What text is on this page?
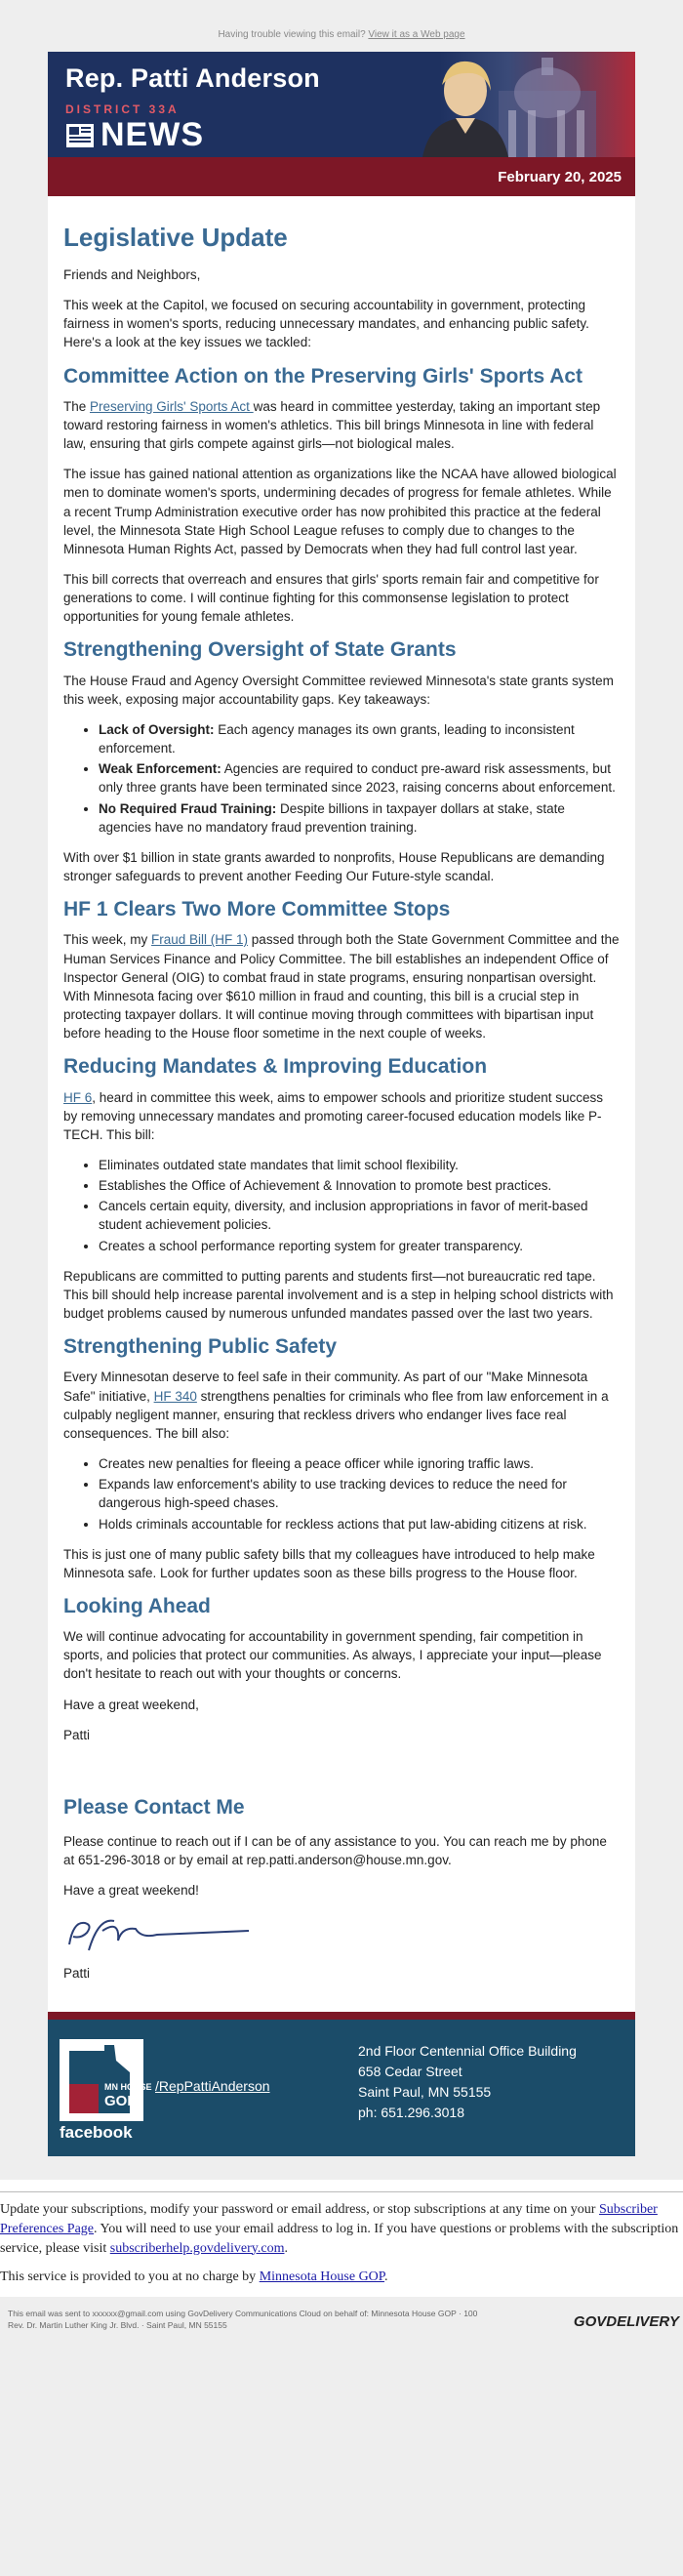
Having trouble viewing this email? View it as a Web page
Rep. Patti Anderson
DISTRICT 33A
NEWS
February 20, 2025
Legislative Update

Friends and Neighbors,

This week at the Capitol, we focused on securing accountability in government, protecting fairness in women's sports, reducing unnecessary mandates, and enhancing public safety. Here's a look at the key issues we tackled:

Committee Action on the Preserving Girls' Sports Act

The Preserving Girls' Sports Act was heard in committee yesterday, taking an important step toward restoring fairness in women's athletics. This bill brings Minnesota in line with federal law, ensuring that girls compete against girls—not biological males.

The issue has gained national attention as organizations like the NCAA have allowed biological men to dominate women's sports, undermining decades of progress for female athletes. While a recent Trump Administration executive order has now prohibited this practice at the federal level, the Minnesota State High School League refuses to comply due to changes to the Minnesota Human Rights Act, passed by Democrats when they had full control last year.

This bill corrects that overreach and ensures that girls' sports remain fair and competitive for generations to come. I will continue fighting for this commonsense legislation to protect opportunities for young female athletes.

Strengthening Oversight of State Grants

The House Fraud and Agency Oversight Committee reviewed Minnesota's state grants system this week, exposing major accountability gaps. Key takeaways:

• Lack of Oversight: Each agency manages its own grants, leading to inconsistent enforcement.
• Weak Enforcement: Agencies are required to conduct pre-award risk assessments, but only three grants have been terminated since 2023, raising concerns about enforcement.
• No Required Fraud Training: Despite billions in taxpayer dollars at stake, state agencies have no mandatory fraud prevention training.

With over $1 billion in state grants awarded to nonprofits, House Republicans are demanding stronger safeguards to prevent another Feeding Our Future-style scandal.

HF 1 Clears Two More Committee Stops

This week, my Fraud Bill (HF 1) passed through both the State Government Committee and the Human Services Finance and Policy Committee. The bill establishes an independent Office of Inspector General (OIG) to combat fraud in state programs, ensuring nonpartisan oversight. With Minnesota facing over $610 million in fraud and counting, this bill is a crucial step in protecting taxpayer dollars. It will continue moving through committees with bipartisan input before heading to the House floor sometime in the next couple of weeks.

Reducing Mandates & Improving Education

HF 6, heard in committee this week, aims to empower schools and prioritize student success by removing unnecessary mandates and promoting career-focused education models like P-TECH. This bill:

• Eliminates outdated state mandates that limit school flexibility.
• Establishes the Office of Achievement & Innovation to promote best practices.
• Cancels certain equity, diversity, and inclusion appropriations in favor of merit-based student achievement policies.
• Creates a school performance reporting system for greater transparency.

Republicans are committed to putting parents and students first—not bureaucratic red tape. This bill should help increase parental involvement and is a step in helping school districts with budget problems caused by numerous unfunded mandates passed over the last two years.

Strengthening Public Safety

Every Minnesotan deserve to feel safe in their community. As part of our "Make Minnesota Safe" initiative, HF 340 strengthens penalties for criminals who flee from law enforcement in a culpably negligent manner, ensuring that reckless drivers who endanger lives face real consequences. The bill also:

• Creates new penalties for fleeing a peace officer while ignoring traffic laws.
• Expands law enforcement's ability to use tracking devices to reduce the need for dangerous high-speed chases.
• Holds criminals accountable for reckless actions that put law-abiding citizens at risk.

This is just one of many public safety bills that my colleagues have introduced to help make Minnesota safe. Look for further updates soon as these bills progress to the House floor.

Looking Ahead

We will continue advocating for accountability in government spending, fair competition in sports, and policies that protect our communities. As always, I appreciate your input—please don't hesitate to reach out with your thoughts or concerns.

Have a great weekend,

Patti

Please Contact Me

Please continue to reach out if I can be of any assistance to you. You can reach me by phone at 651-296-3018 or by email at rep.patti.anderson@house.mn.gov.

Have a great weekend!

Patti

MN HOUSE
GOP
facebook
/RepPattiAnderson
2nd Floor Centennial Office Building
658 Cedar Street
Saint Paul, MN 55155
ph: 651.296.3018

Update your subscriptions, modify your password or email address, or stop subscriptions at any time on your Subscriber Preferences Page. You will need to use your email address to log in. If you have questions or problems with the subscription service, please visit subscriberhelp.govdelivery.com.

This service is provided to you at no charge by Minnesota House GOP.

This email was sent to xxxxxx@gmail.com using GovDelivery Communications Cloud on behalf of: Minnesota House GOP · 100
Rev. Dr. Martin Luther King Jr. Blvd. · Saint Paul, MN 55155	GOVDELIVERY
